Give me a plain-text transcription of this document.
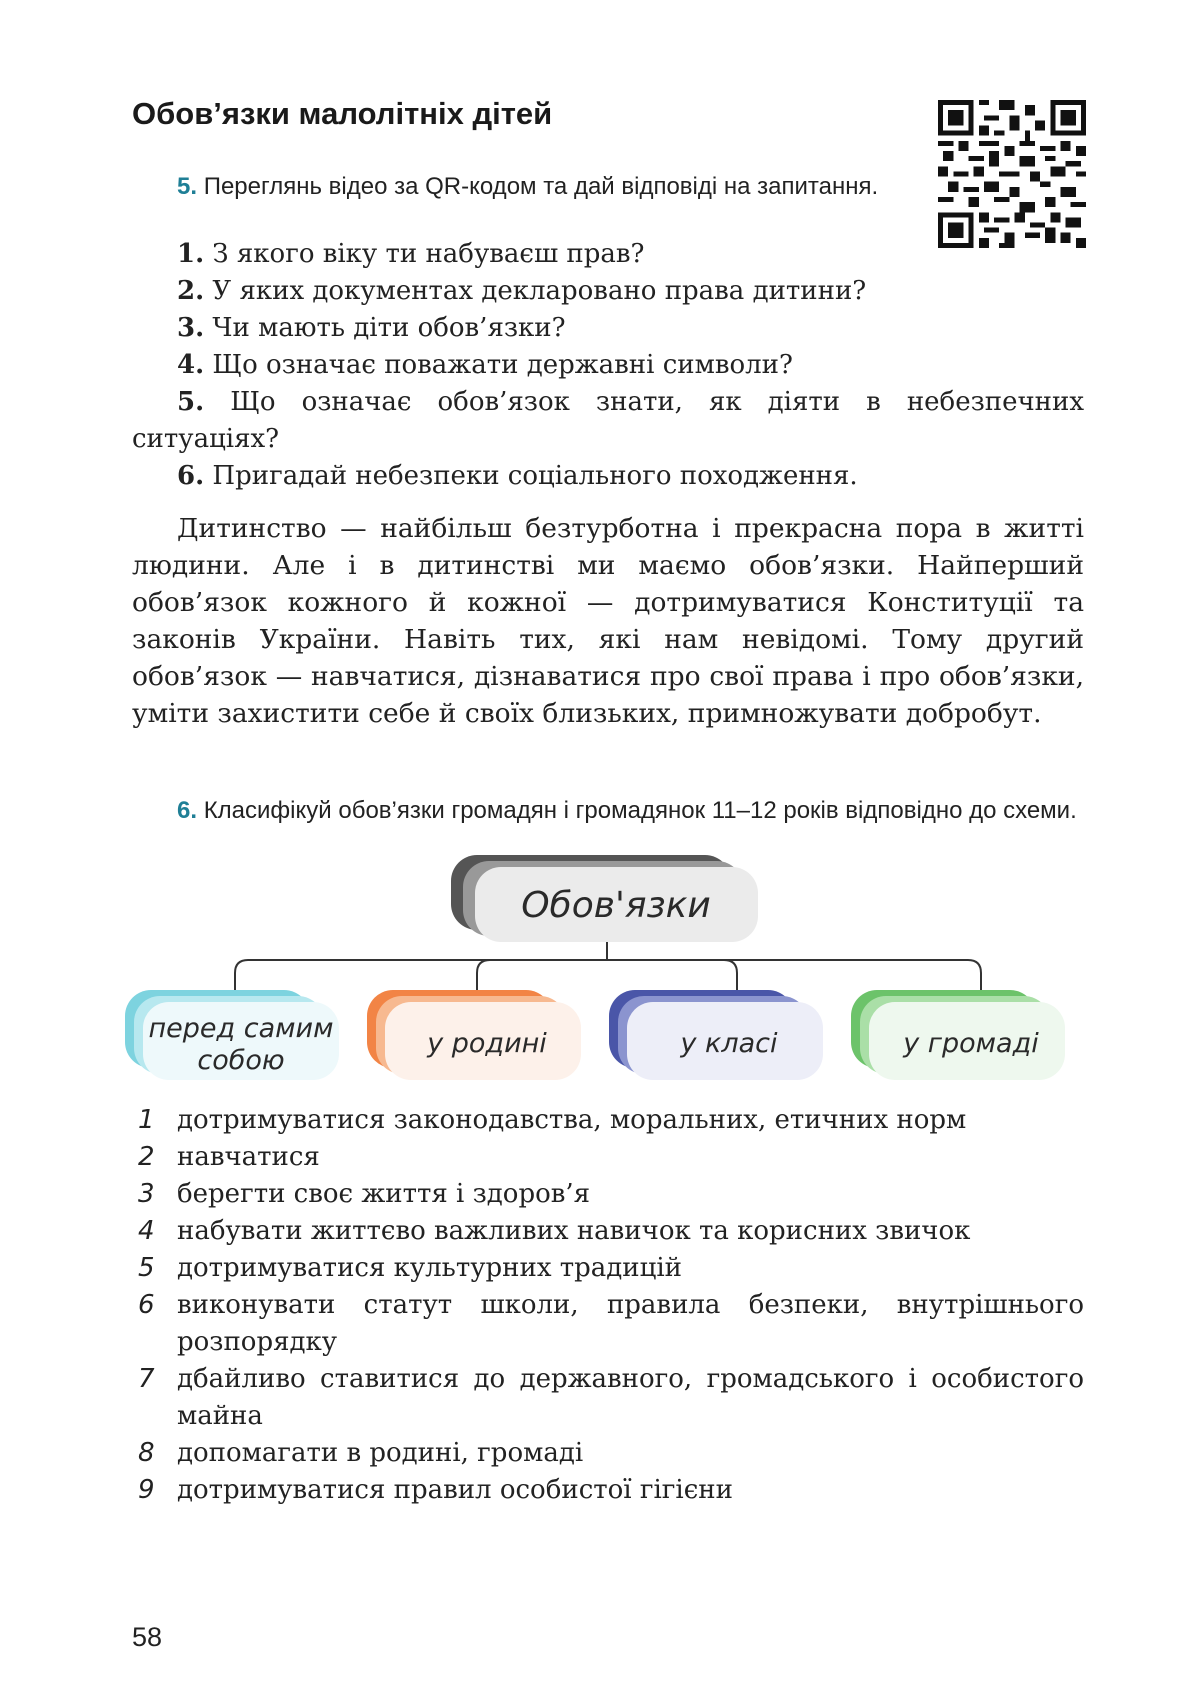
Обов’язки малолітніх дітей
5. Переглянь відео за QR-кодом та дай відповіді на запитання.
1. З якого віку ти набуваєш прав?
2. У яких документах декларовано права дитини?
3. Чи мають діти обов’язки?
4. Що означає поважати державні символи?
5. Що означає обов’язок знати, як діяти в небезпечних ситуаціях?
6. Пригадай небезпеки соціального походження.

Дитинство — найбільш безтурботна і прекрасна пора в житті людини. Але і в дитинстві ми маємо обов’язки. Найперший обов’язок кожного й кожної — дотримуватися Конституції та законів України. Навіть тих, які нам невідомі. Тому другий обов’язок — навчатися, дізнаватися про свої права і про обов’язки, уміти захистити себе й своїх близьких, примножувати добробут.

6. Класифікуй обов’язки громадян і громадянок 11–12 років відповідно до схеми.
Обов'язки
перед самим
собою
у родині	у класі	у громаді
1 дотримуватися законодавства, моральних, етичних норм
2 навчатися
3 берегти своє життя і здоров’я
4 набувати життєво важливих навичок та корисних звичок
5 дотримуватися культурних традицій
6 виконувати статут школи, правила безпеки, внутрішнього розпорядку
7 дбайливо ставитися до державного, громадського і особистого майна
8 допомагати в родині, громаді
9 дотримуватися правил особистої гігієни
58
